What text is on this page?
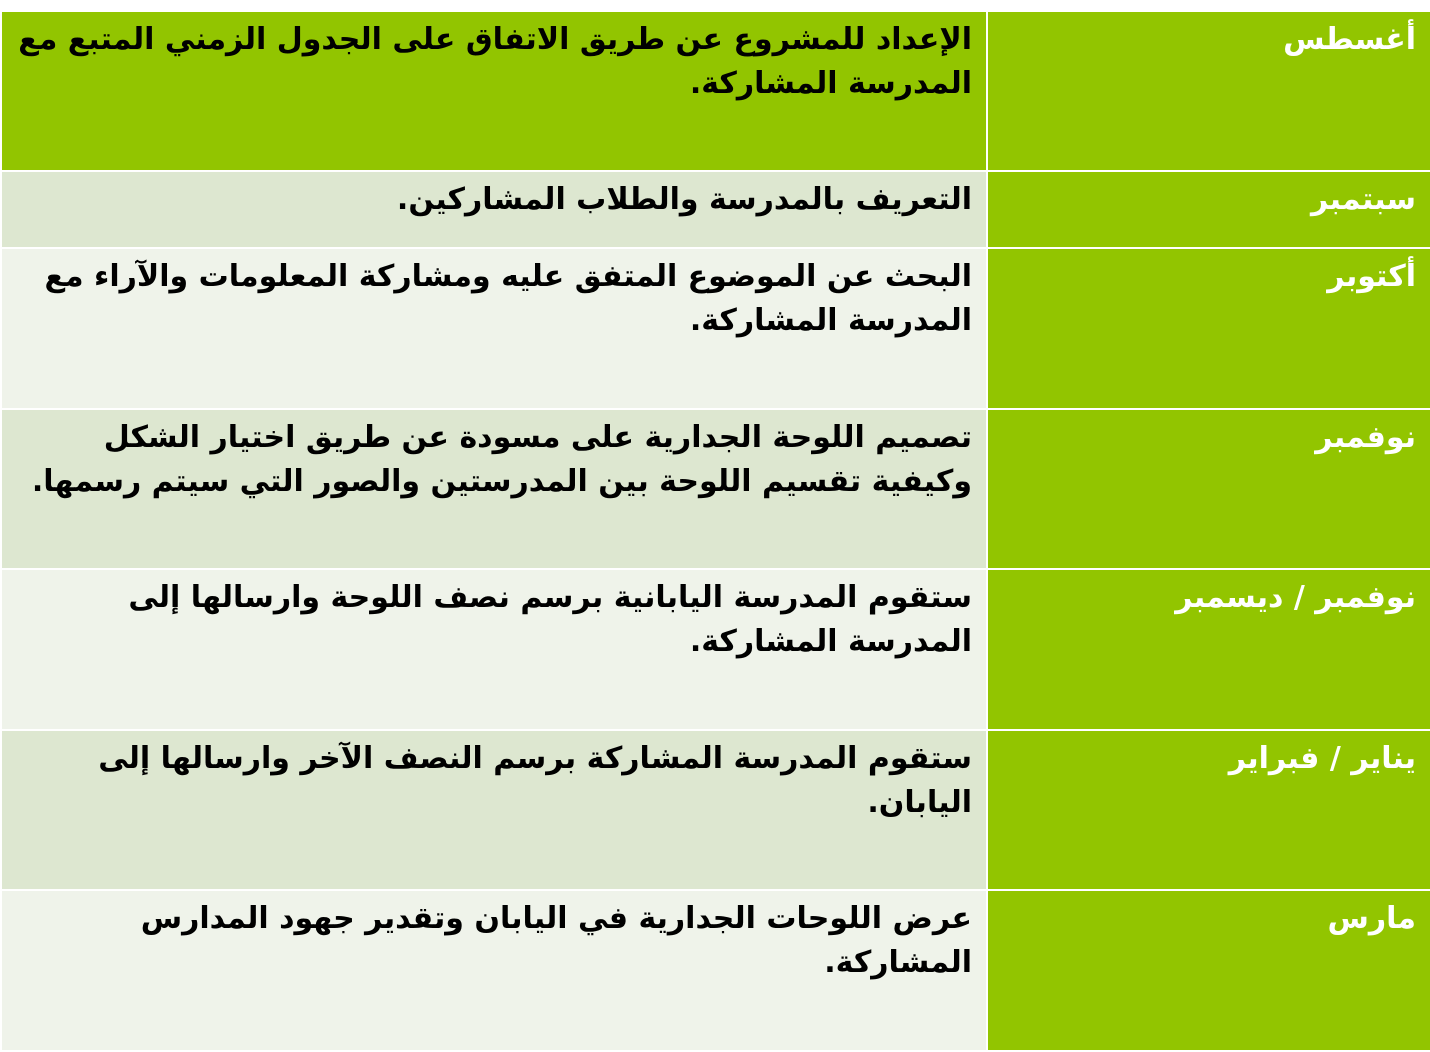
أغسطس	الإعداد للمشروع عن طريق الاتفاق على الجدول الزمني المتبع مع المدرسة المشاركة.
سبتمبر	التعريف بالمدرسة والطلاب المشاركين.
أكتوبر	البحث عن الموضوع المتفق عليه ومشاركة المعلومات والآراء مع المدرسة المشاركة.
نوفمبر	تصميم اللوحة الجدارية على مسودة عن طريق اختيار الشكل وكيفية تقسيم اللوحة بين المدرستين والصور التي سيتم رسمها.
نوفمبر / ديسمبر	ستقوم المدرسة اليابانية برسم نصف اللوحة وارسالها إلى المدرسة المشاركة.
يناير / فبراير	ستقوم المدرسة المشاركة برسم النصف الآخر وارسالها إلى اليابان.
مارس	عرض اللوحات الجدارية في اليابان وتقدير جهود المدارس المشاركة.
